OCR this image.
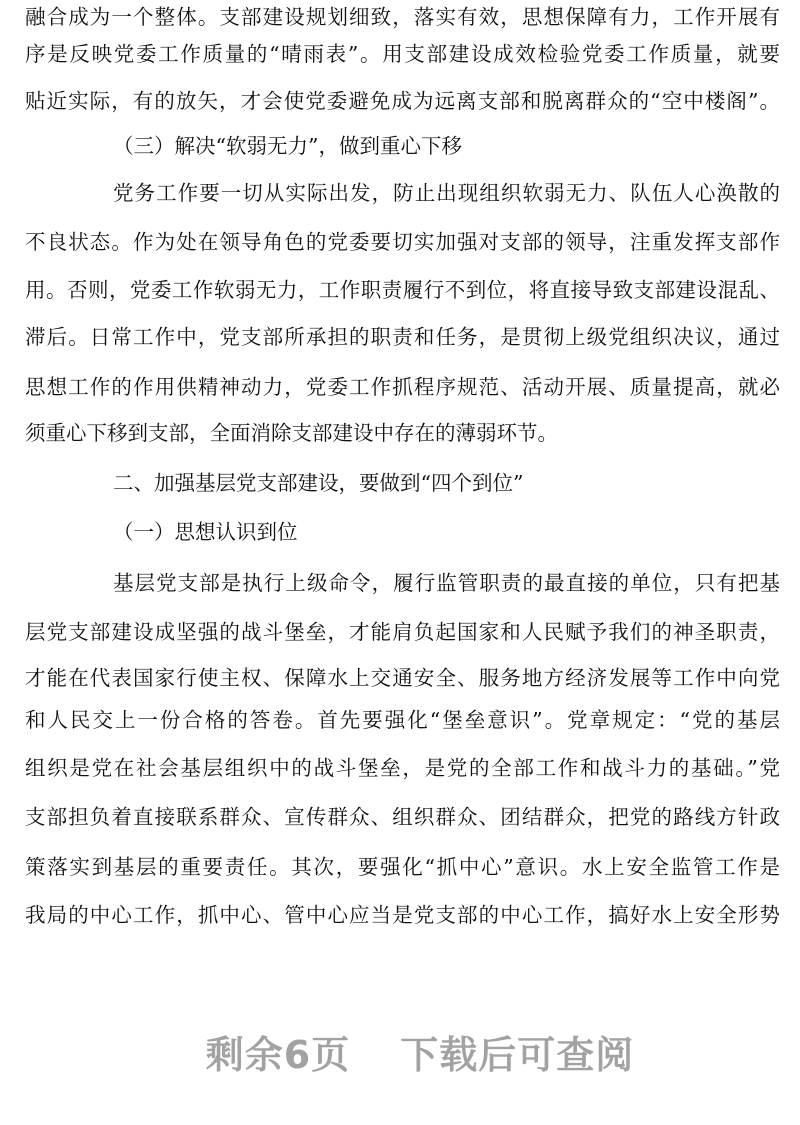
融合成为一个整体。支部建设规划细致，落实有效，思想保障有力，工作开展有
序是反映党委工作质量的“晴雨表”。用支部建设成效检验党委工作质量，就要
贴近实际，有的放矢，才会使党委避免成为远离支部和脱离群众的“空中楼阁”。
（三）解决“软弱无力”，做到重心下移
党务工作要一切从实际出发，防止出现组织软弱无力、队伍人心涣散的
不良状态。作为处在领导角色的党委要切实加强对支部的领导，注重发挥支部作
用。否则，党委工作软弱无力，工作职责履行不到位，将直接导致支部建设混乱、
滞后。日常工作中，党支部所承担的职责和任务，是贯彻上级党组织决议，通过
思想工作的作用供精神动力，党委工作抓程序规范、活动开展、质量提高，就必
须重心下移到支部，全面消除支部建设中存在的薄弱环节。
二、加强基层党支部建设，要做到“四个到位”
（一）思想认识到位
基层党支部是执行上级命令，履行监管职责的最直接的单位，只有把基
层党支部建设成坚强的战斗堡垒，才能肩负起国家和人民赋予我们的神圣职责，
才能在代表国家行使主权、保障水上交通安全、服务地方经济发展等工作中向党
和人民交上一份合格的答卷。首先要强化“堡垒意识”。党章规定：“党的基层
组织是党在社会基层组织中的战斗堡垒，是党的全部工作和战斗力的基础。”党
支部担负着直接联系群众、宣传群众、组织群众、团结群众，把党的路线方针政
策落实到基层的重要责任。其次，要强化“抓中心”意识。水上安全监管工作是
我局的中心工作，抓中心、管中心应当是党支部的中心工作，搞好水上安全形势
剩余6页 下载后可查阅
